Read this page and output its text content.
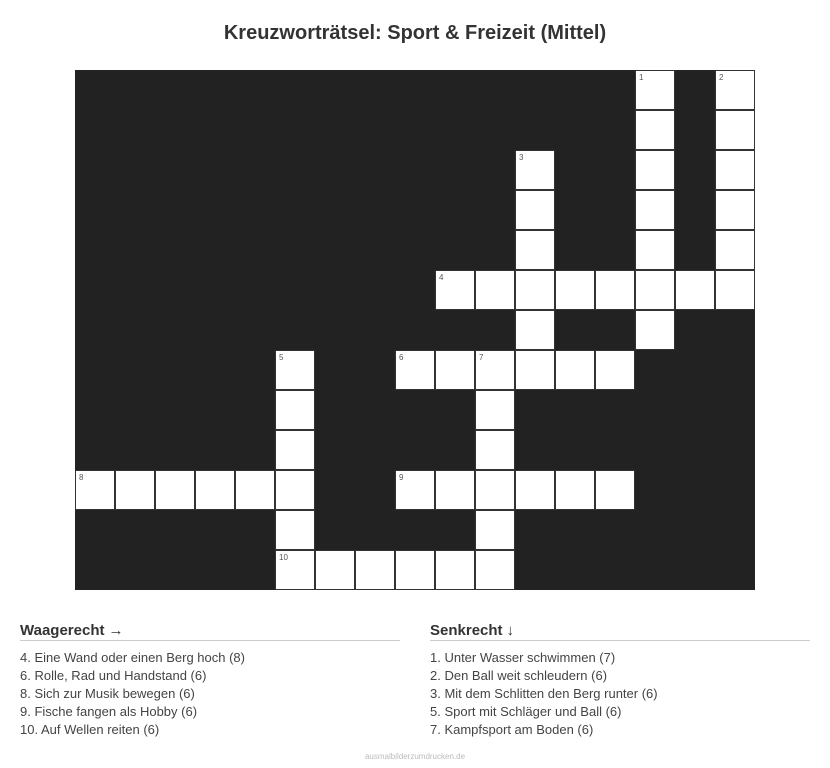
Kreuzworträtsel: Sport & Freizeit (Mittel)
1	2
3
4
5	6	7
8	9
10
Waagerecht →
4. Eine Wand oder einen Berg hoch (8)
6. Rolle, Rad und Handstand (6)
8. Sich zur Musik bewegen (6)
9. Fische fangen als Hobby (6)
10. Auf Wellen reiten (6)
Senkrecht ↓
1. Unter Wasser schwimmen (7)
2. Den Ball weit schleudern (6)
3. Mit dem Schlitten den Berg runter (6)
5. Sport mit Schläger und Ball (6)
7. Kampfsport am Boden (6)
ausmalbilderzumdrucken.de
